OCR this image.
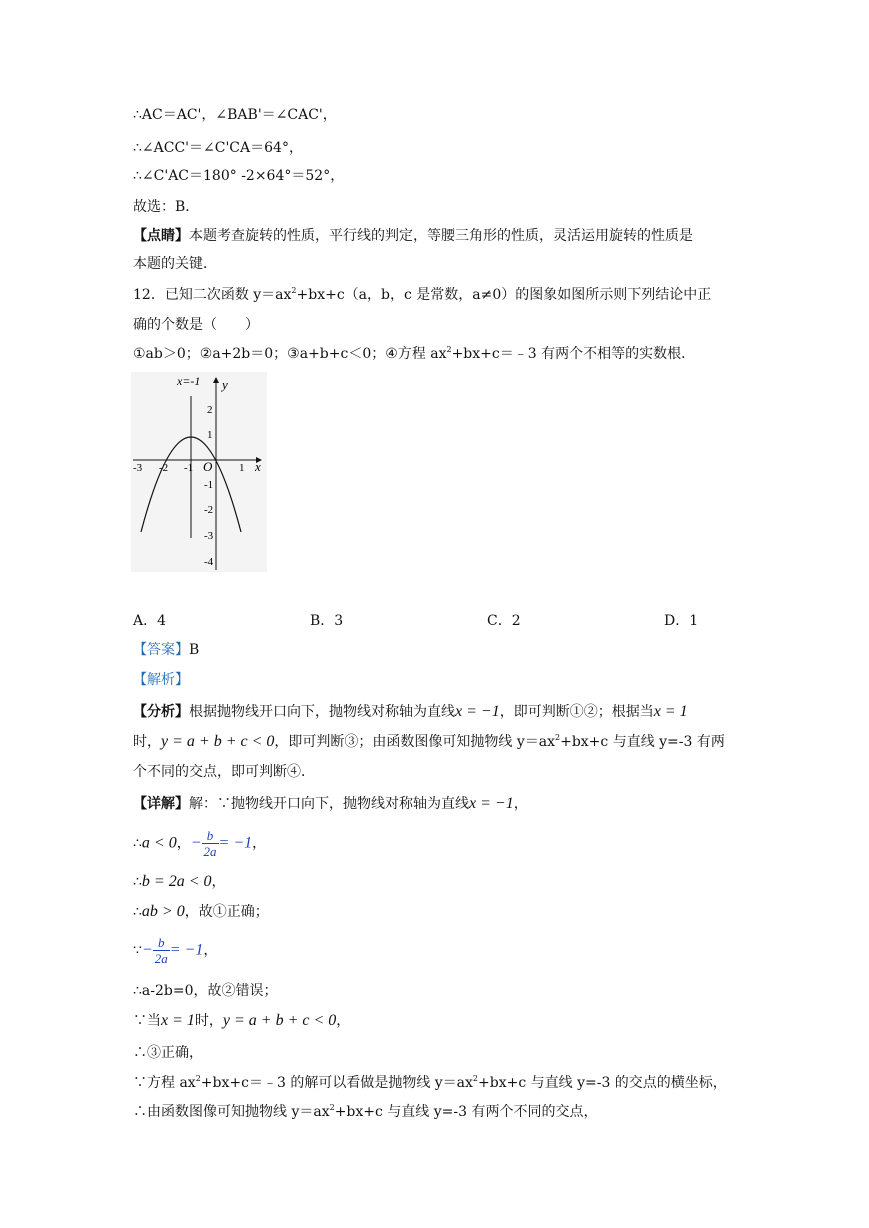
∴AC＝AC'，∠BAB'＝∠CAC'，
∴∠ACC'＝∠C'CA＝64°，
∴∠C'AC＝180° -2×64°＝52°，
故选：B．
【点睛】本题考查旋转的性质，平行线的判定，等腰三角形的性质，灵活运用旋转的性质是
本题的关键．
12．已知二次函数 $y=ax^2+bx+c(a$，b，c 是常数，a≠0）的图象如图所示则下列结论中正
确的个数是（　　）
①ab＞0；②a+2b＝0；③a+b+c＜0；④方程 $ax^2+bx+c=﹣3$ 有两个不相等的实数根．
x=-1 y
x
O
-3 -2 -1	1
2
1
-1
-2
-3
-4
A．4	B．3	C．2	D．1
【答案】B
【解析】
【分析】根据抛物线开口向下，抛物线对称轴为直线x = −1，即可判断①②；根据当x = 1
时，y = a + b + c < 0，即可判断③；由函数图像可知抛物线 $y=ax^2+bx+c$ 与直线 y=-3 有两
个不同的交点，即可判断④．
【详解】解：∵抛物线开口向下，抛物线对称轴为直线x = −1，
∴a < 0，− $\frac{b}{2a} = -1$，
∴b = 2a < 0，
∴ab > 0，故①正确；
∵− $\frac{b}{2a} = -1$，
∴a-2b=0，故②错误；
∵当x = 1时，y = a + b + c < 0，
∴③正确，
∵方程 $ax^2+bx+c=﹣3$ 的解可以看做是抛物线 $y=ax^2+bx+c$ 与直线 y=-3 的交点的横坐标，
∴由函数图像可知抛物线 $y=ax^2+bx+c$ 与直线 y=-3 有两个不同的交点，
